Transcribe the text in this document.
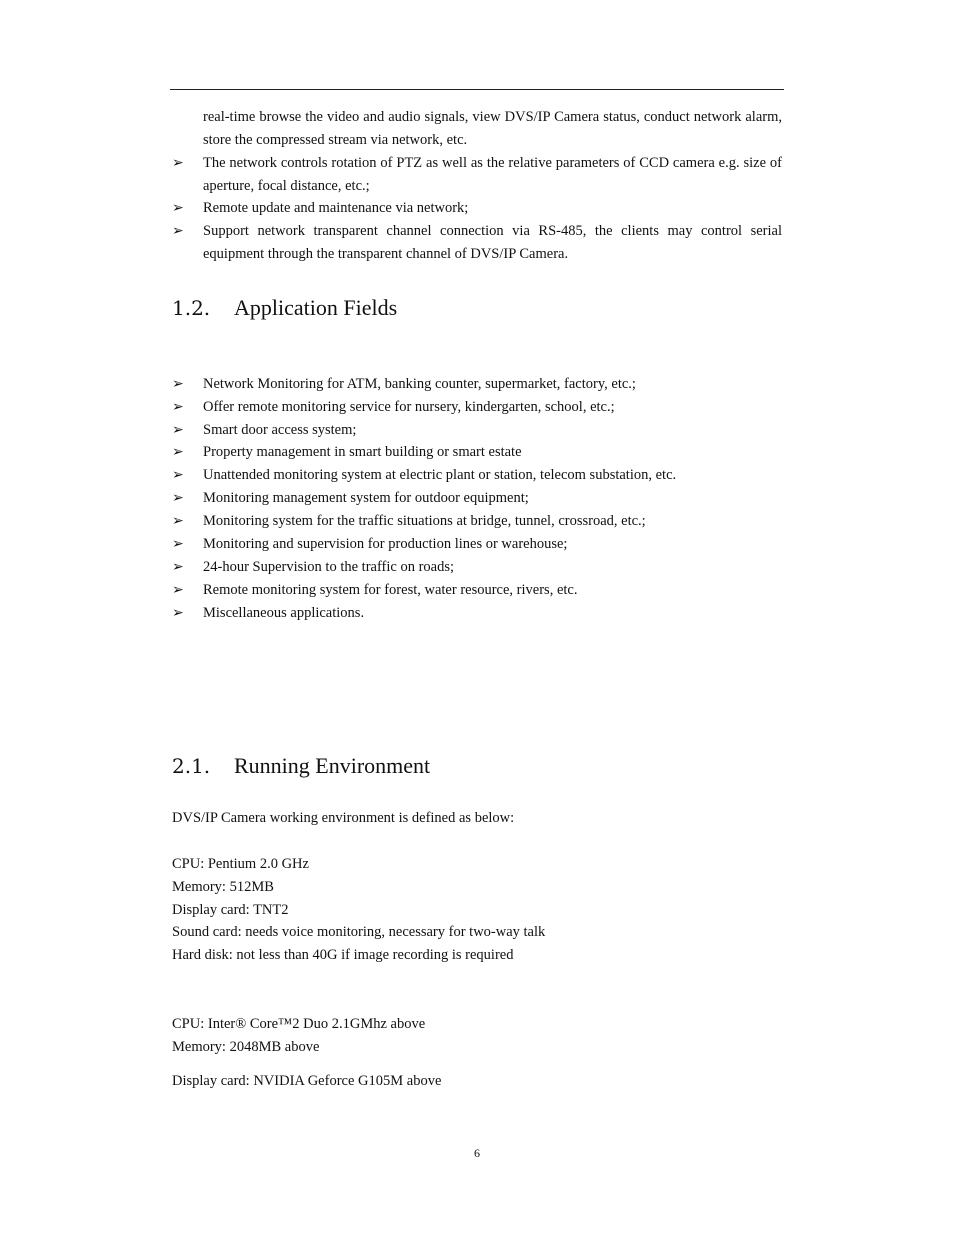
real-time browse the video and audio signals, view DVS/IP Camera status, conduct network alarm, store the compressed stream via network, etc.
➢ The network controls rotation of PTZ as well as the relative parameters of CCD camera e.g. size of aperture, focal distance, etc.;
➢ Remote update and maintenance via network;
➢ Support network transparent channel connection via RS-485, the clients may control serial equipment through the transparent channel of DVS/IP Camera.
1.2. Application Fields
➢ Network Monitoring for ATM, banking counter, supermarket, factory, etc.;
➢ Offer remote monitoring service for nursery, kindergarten, school, etc.;
➢ Smart door access system;
➢ Property management in smart building or smart estate
➢ Unattended monitoring system at electric plant or station, telecom substation, etc.
➢ Monitoring management system for outdoor equipment;
➢ Monitoring system for the traffic situations at bridge, tunnel, crossroad, etc.;
➢ Monitoring and supervision for production lines or warehouse;
➢ 24-hour Supervision to the traffic on roads;
➢ Remote monitoring system for forest, water resource, rivers, etc.
➢ Miscellaneous applications.
2.1. Running Environment
DVS/IP Camera working environment is defined as below:
CPU: Pentium 2.0 GHz
Memory: 512MB
Display card: TNT2
Sound card: needs voice monitoring, necessary for two-way talk
Hard disk: not less than 40G if image recording is required
CPU: Inter® Core™2 Duo 2.1GMhz above
Memory: 2048MB above
Display card: NVIDIA Geforce G105M above
6
